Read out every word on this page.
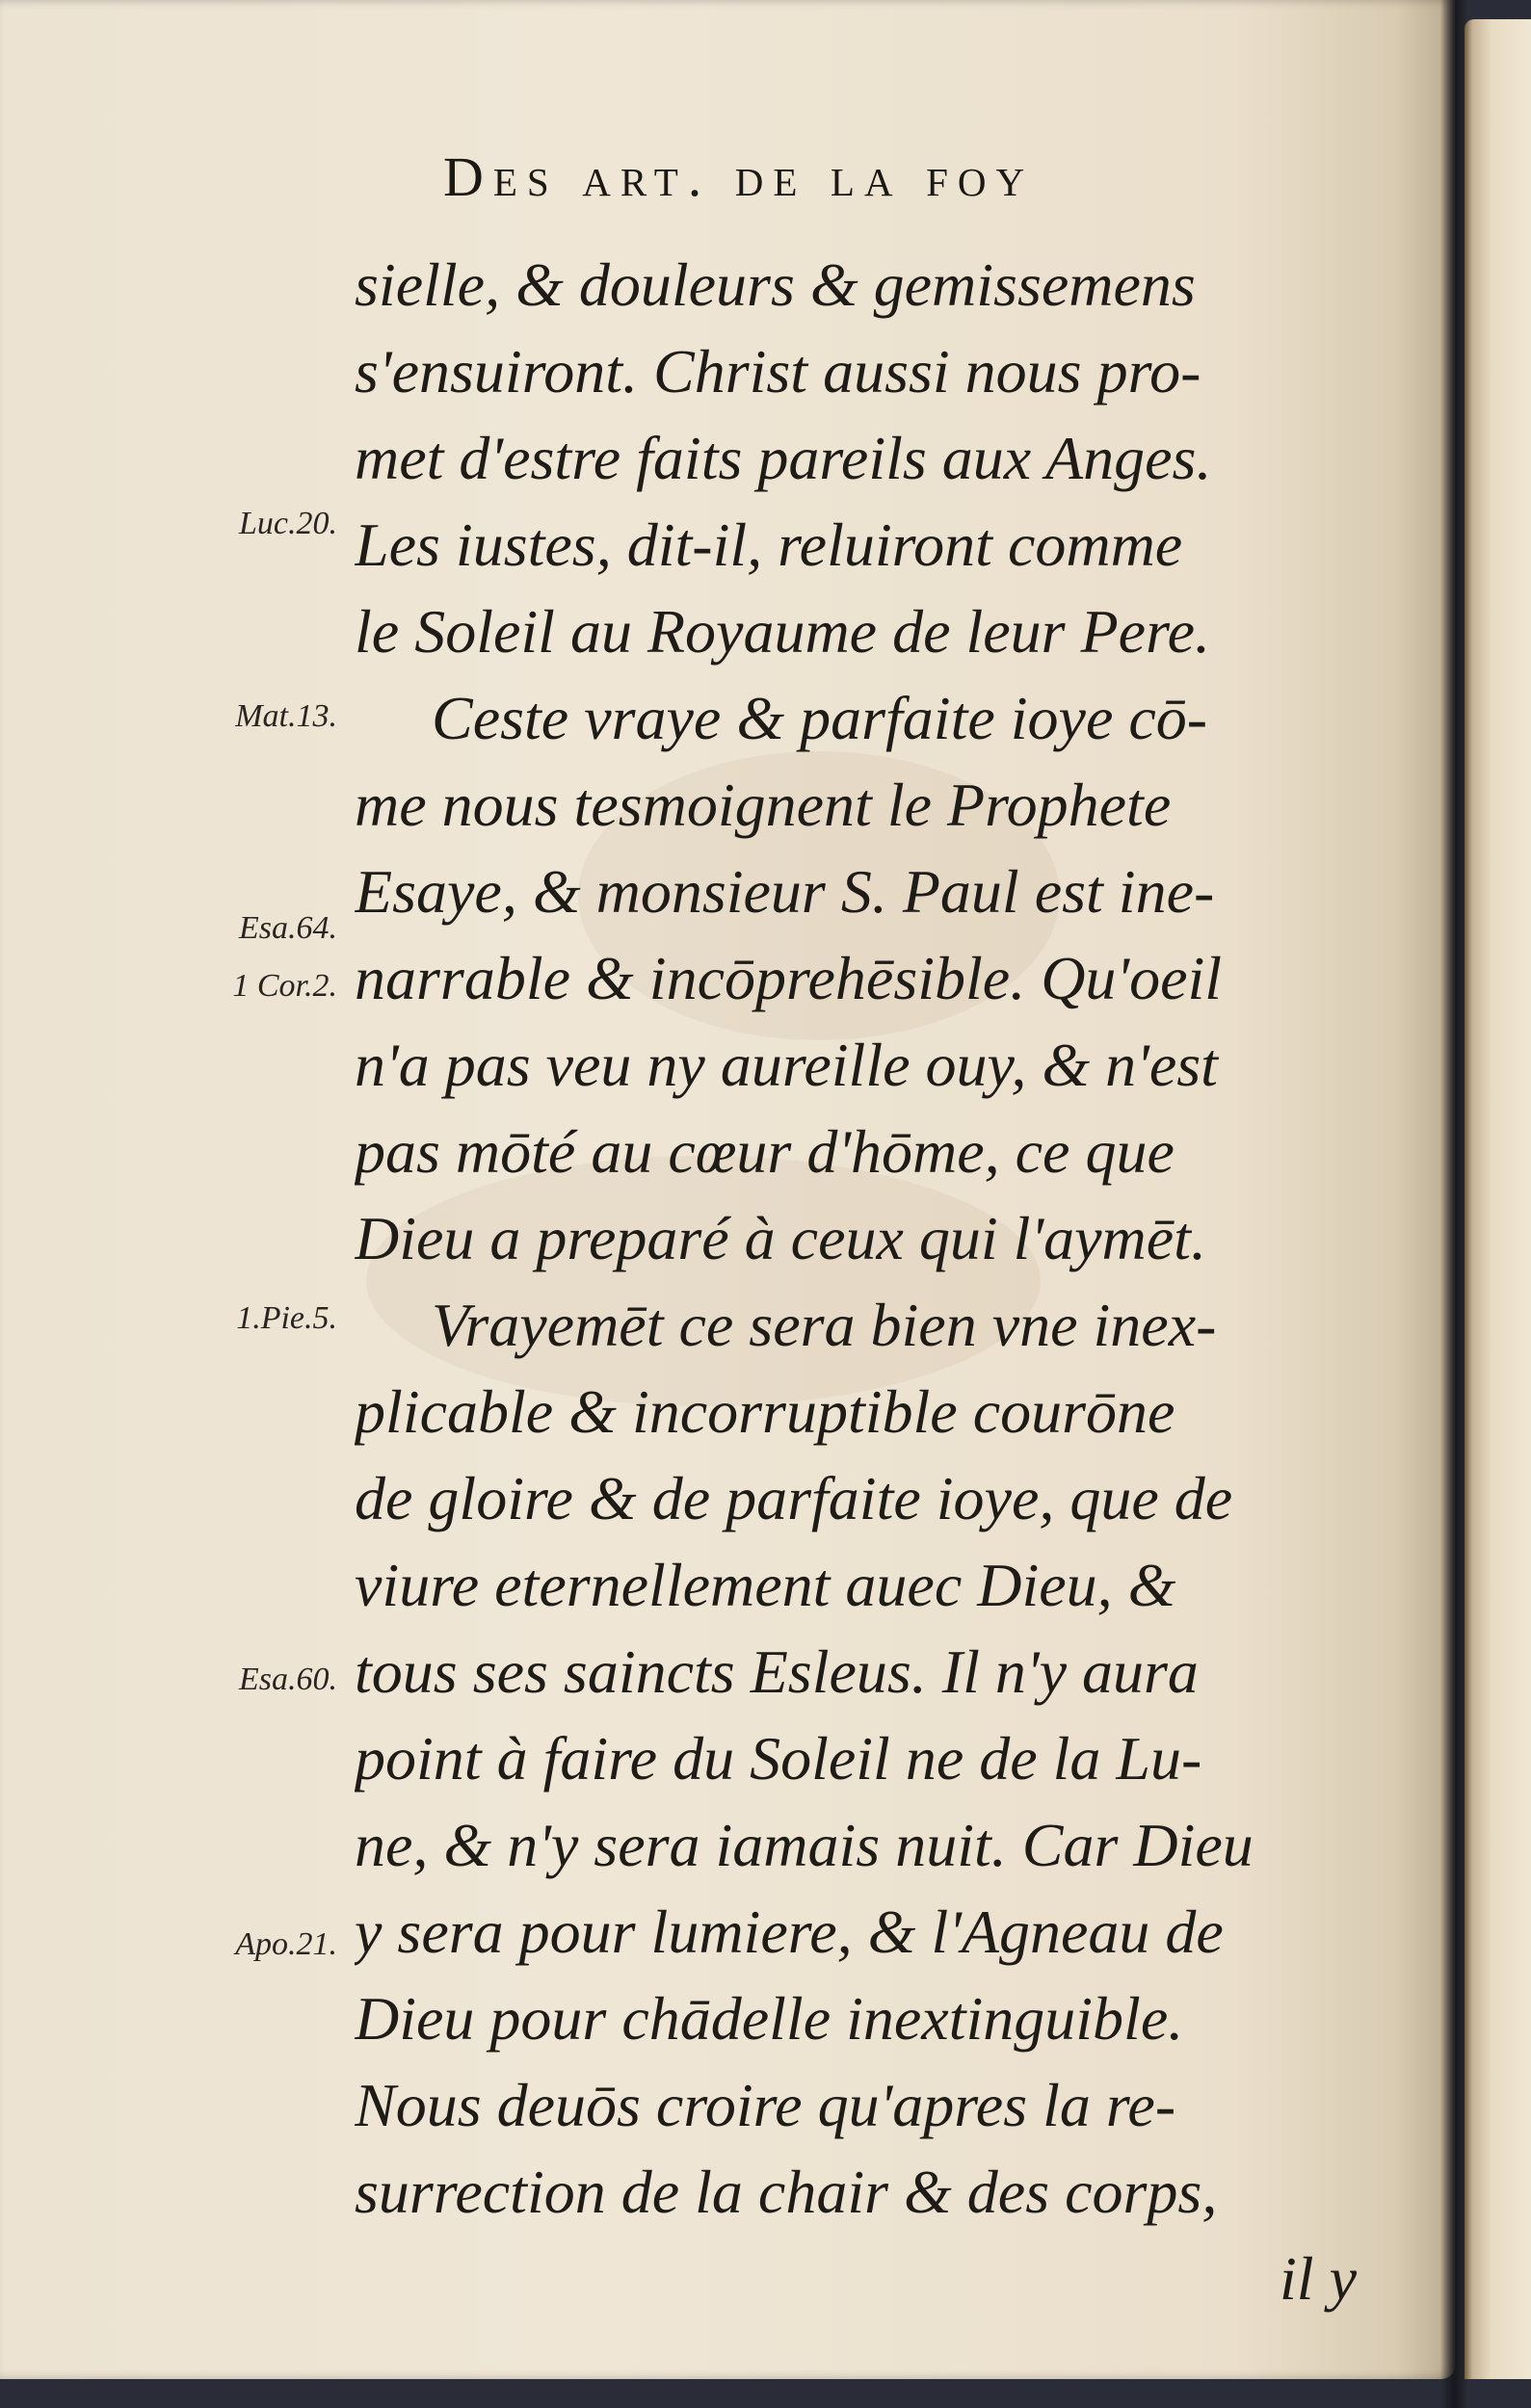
Des art. de la foy
Luc.20.
Mat.13.
Esa.64.
1 Cor.2.
1.Pie.5.
Esa.60.
Apo.21.
sielle, & douleurs & gemissemens
s'ensuiront. Christ aussi nous pro-
met d'estre faits pareils aux Anges.
Les iustes, dit-il, reluiront comme
le Soleil au Royaume de leur Pere.
Ceste vraye & parfaite ioye cō-
me nous tesmoignent le Prophete
Esaye, & monsieur S. Paul est ine-
narrable & incōprehēsible. Qu'oeil
n'a pas veu ny aureille ouy, & n'est
pas mōté au cœur d'hōme, ce que
Dieu a preparé à ceux qui l'aymēt.
Vrayemēt ce sera bien vne inex-
plicable & incorruptible courōne
de gloire & de parfaite ioye, que de
viure eternellement auec Dieu, &
tous ses saincts Esleus. Il n'y aura
point à faire du Soleil ne de la Lu-
ne, & n'y sera iamais nuit. Car Dieu
y sera pour lumiere, & l'Agneau de
Dieu pour chādelle inextinguible.
Nous deuōs croire qu'apres la re-
surrection de la chair & des corps,
il y
